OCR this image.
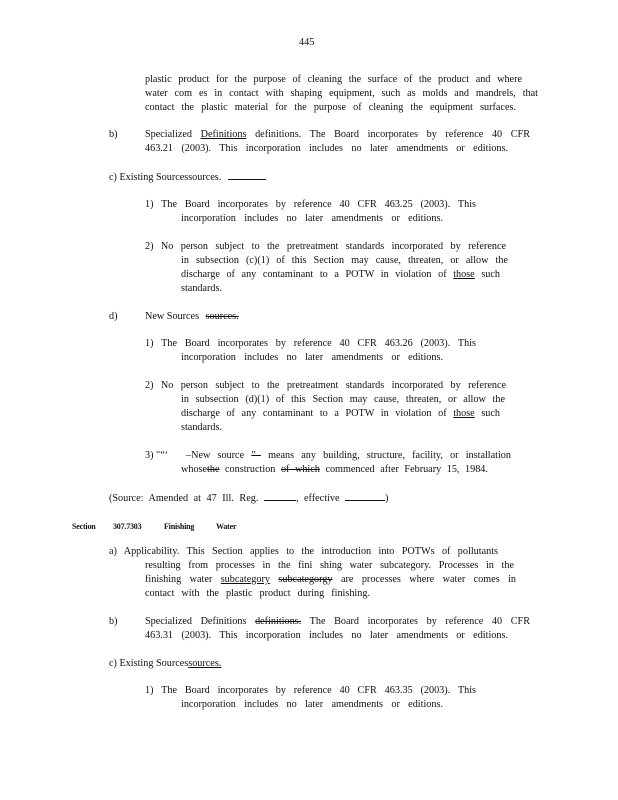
445
plastic product for the purpose of cleaning the surface of the product and where
water com es in contact with shaping equipment, such as molds and mandrels, that
contact the plastic material for the purpose of cleaning the equipment surfaces.
b)	Specialized Definitions definitions. The Board incorporates by reference 40 CFR
463.21 (2003). This incorporation includes no later amendments or editions.
c) Existing Sourcessources.
1) The Board incorporates by reference 40 CFR 463.25 (2003). This
incorporation includes no later amendments or editions.
2) No person subject to the pretreatment standards incorporated by reference
in subsection (c)(1) of this Section may cause, threaten, or allow the
discharge of any contaminant to a POTW in violation of those such
standards.
d)	New Sources sources.
1) The Board incorporates by reference 40 CFR 463.26 (2003). This
incorporation includes no later amendments or editions.
2) No person subject to the pretreatment standards incorporated by reference
in subsection (d)(1) of this Section may cause, threaten, or allow the
discharge of any contaminant to a POTW in violation of those such
standards.
3) "“‘ –New source ”– means any building, structure, facility, or installation
whosethe construction of which commenced after February 15, 1984.
(Source: Amended at 47 Ill. Reg.	, effective	)
Section 307.7303	Finishing	Water
a) Applicability. This Section applies to the introduction into POTWs of pollutants
resulting from processes in the fini shing water subcategory. Processes in the
finishing water subcategory subcategorgy are processes where water comes in
contact with the plastic product during finishing.
b)	Specialized Definitions definitions. The Board incorporates by reference 40 CFR
463.31 (2003). This incorporation includes no later amendments or editions.
c) Existing Sourcessources.
1) The Board incorporates by reference 40 CFR 463.35 (2003). This
incorporation includes no later amendments or editions.
